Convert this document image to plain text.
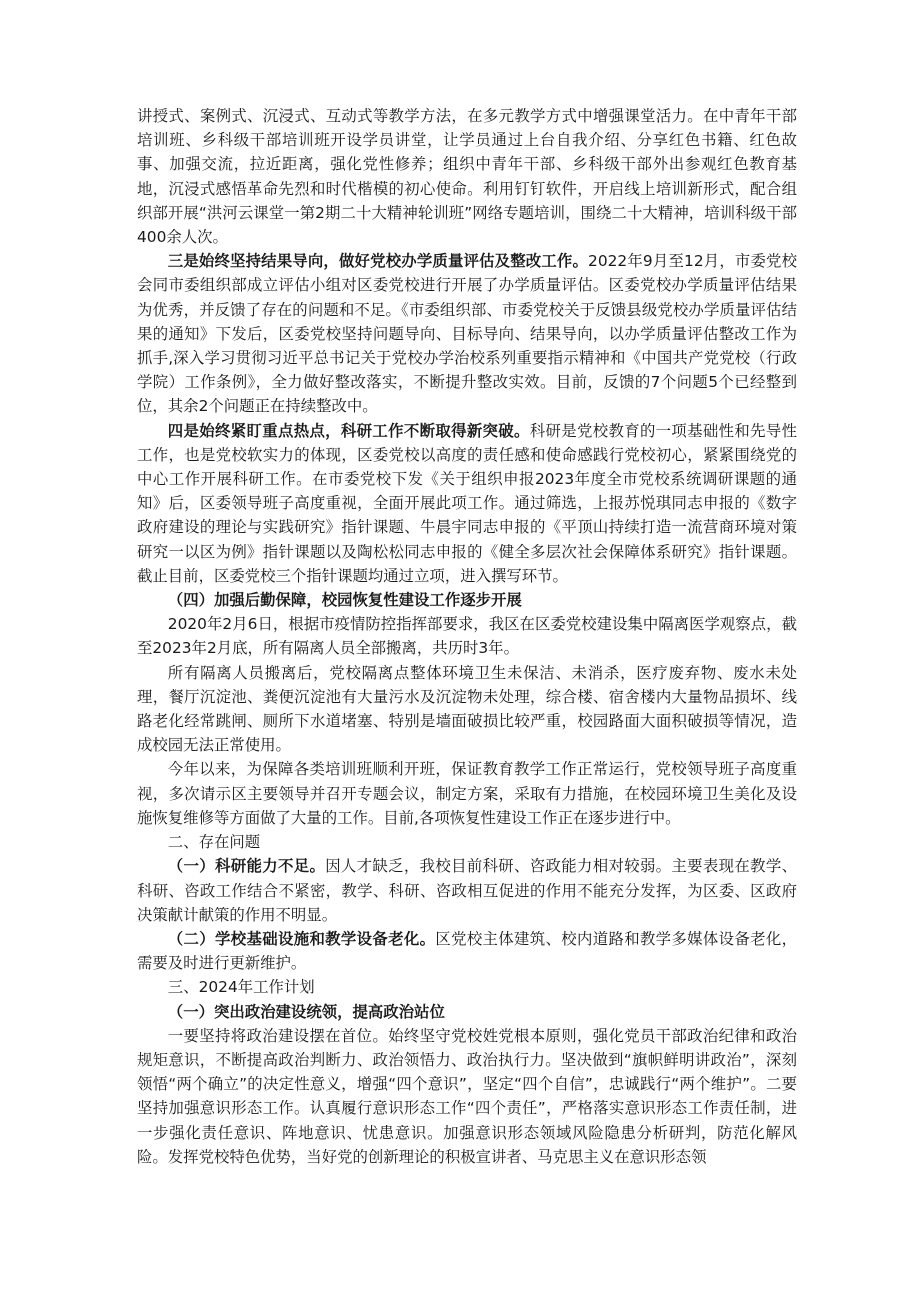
讲授式、案例式、沉浸式、互动式等教学方法，在多元教学方式中增强课堂活力。在中青年干部培训班、乡科级干部培训班开设学员讲堂，让学员通过上台自我介绍、分享红色书籍、红色故事、加强交流，拉近距离，强化党性修养；组织中青年干部、乡科级干部外出参观红色教育基地，沉浸式感悟革命先烈和时代楷模的初心使命。利用钉钉软件，开启线上培训新形式，配合组织部开展“洪河云课堂一第2期二十大精神轮训班”网络专题培训，围绕二十大精神，培训科级干部400余人次。

三是始终坚持结果导向，做好党校办学质量评估及整改工作。2022年9月至12月，市委党校会同市委组织部成立评估小组对区委党校进行开展了办学质量评估。区委党校办学质量评估结果为优秀，并反馈了存在的问题和不足。《市委组织部、市委党校关于反馈县级党校办学质量评估结果的通知》下发后，区委党校坚持问题导向、目标导向、结果导向，以办学质量评估整改工作为抓手,深入学习贯彻习近平总书记关于党校办学治校系列重要指示精神和《中国共产党党校（行政学院）工作条例》，全力做好整改落实，不断提升整改实效。目前，反馈的7个问题5个已经整到位，其余2个问题正在持续整改中。

四是始终紧盯重点热点，科研工作不断取得新突破。科研是党校教育的一项基础性和先导性工作，也是党校软实力的体现，区委党校以高度的责任感和使命感践行党校初心，紧紧围绕党的中心工作开展科研工作。在市委党校下发《关于组织申报2023年度全市党校系统调研课题的通知》后，区委领导班子高度重视，全面开展此项工作。通过筛选，上报苏悦琪同志申报的《数字政府建设的理论与实践研究》指针课题、牛晨宇同志申报的《平顶山持续打造一流营商环境对策研究一以区为例》指针课题以及陶松松同志申报的《健全多层次社会保障体系研究》指针课题。截止目前，区委党校三个指针课题均通过立项，进入撰写环节。

（四）加强后勤保障，校园恢复性建设工作逐步开展

2020年2月6日，根据市疫情防控指挥部要求，我区在区委党校建设集中隔离医学观察点，截至2023年2月底，所有隔离人员全部搬离，共历时3年。

所有隔离人员搬离后，党校隔离点整体环境卫生未保洁、未消杀，医疗废弃物、废水未处理，餐厅沉淀池、粪便沉淀池有大量污水及沉淀物未处理，综合楼、宿舍楼内大量物品损坏、线路老化经常跳闸、厕所下水道堵塞、特别是墙面破损比较严重，校园路面大面积破损等情况，造成校园无法正常使用。

今年以来，为保障各类培训班顺利开班，保证教育教学工作正常运行，党校领导班子高度重视，多次请示区主要领导并召开专题会议，制定方案，采取有力措施，在校园环境卫生美化及设施恢复维修等方面做了大量的工作。目前,各项恢复性建设工作正在逐步进行中。

二、存在问题

（一）科研能力不足。因人才缺乏，我校目前科研、咨政能力相对较弱。主要表现在教学、科研、咨政工作结合不紧密，教学、科研、咨政相互促进的作用不能充分发挥，为区委、区政府决策献计献策的作用不明显。

（二）学校基础设施和教学设备老化。区党校主体建筑、校内道路和教学多媒体设备老化，需要及时进行更新维护。

三、2024年工作计划

（一）突出政治建设统领，提高政治站位

一要坚持将政治建设摆在首位。始终坚守党校姓党根本原则，强化党员干部政治纪律和政治规矩意识，不断提高政治判断力、政治领悟力、政治执行力。坚决做到“旗帜鲜明讲政治”，深刻领悟“两个确立”的决定性意义，增强“四个意识”，坚定“四个自信”，忠诚践行“两个维护”。二要坚持加强意识形态工作。认真履行意识形态工作“四个责任”，严格落实意识形态工作责任制，进一步强化责任意识、阵地意识、忧患意识。加强意识形态领域风险隐患分析研判，防范化解风险。发挥党校特色优势，当好党的创新理论的积极宣讲者、马克思主义在意识形态领
